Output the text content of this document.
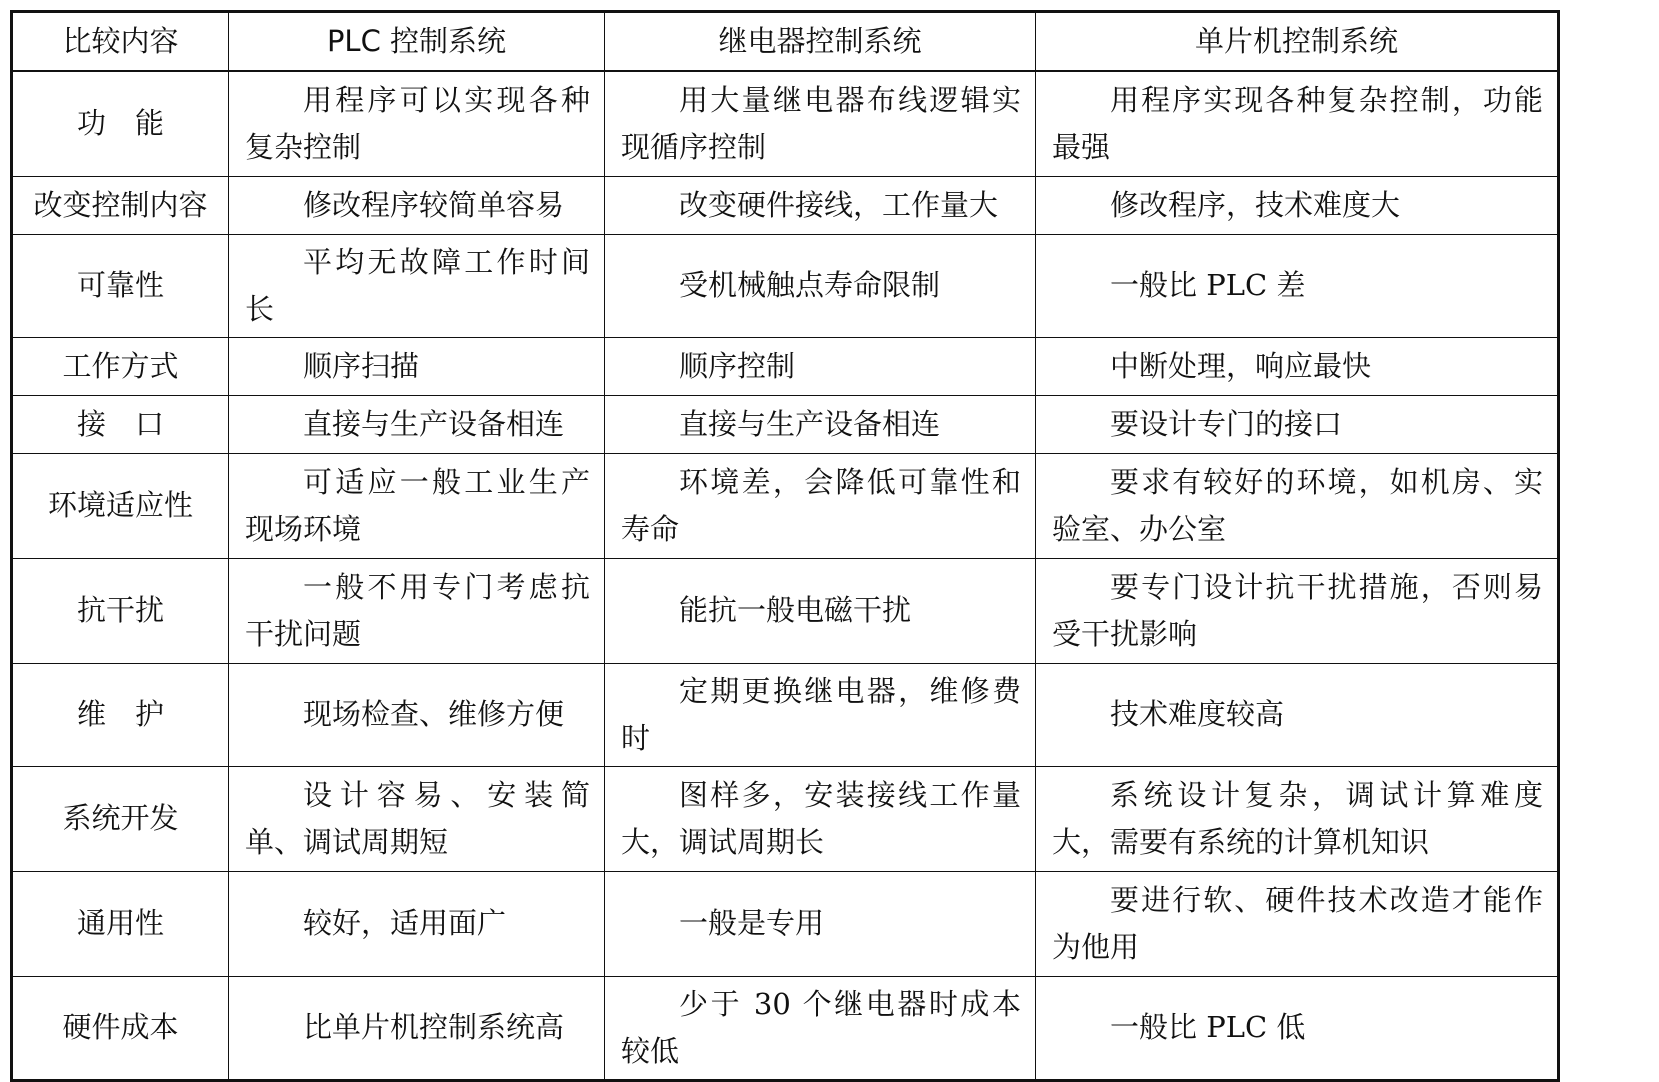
比较内容	PLC 控制系统	继电器控制系统	单片机控制系统
功　能	用程序可以实现各种复杂控制	用大量继电器布线逻辑实现循序控制	用程序实现各种复杂控制，功能最强

改变控制内容	修改程序较简单容易	改变硬件接线，工作量大	修改程序，技术难度大

可靠性	平均无故障工作时间长	受机械触点寿命限制	一般比 PLC 差

工作方式	顺序扫描	顺序控制	中断处理，响应最快

接　口	直接与生产设备相连	直接与生产设备相连	要设计专门的接口

环境适应性	可适应一般工业生产现场环境	环境差，会降低可靠性和寿命	要求有较好的环境，如机房、实验室、办公室

抗干扰	一般不用专门考虑抗干扰问题	能抗一般电磁干扰	要专门设计抗干扰措施，否则易受干扰影响

维　护	现场检查、维修方便	定期更换继电器，维修费时	技术难度较高

系统开发	设计容易、安装简单、调试周期短	图样多，安装接线工作量大，调试周期长	系统设计复杂，调试计算难度大，需要有系统的计算机知识

通用性	较好，适用面广	一般是专用	要进行软、硬件技术改造才能作为他用

硬件成本	比单片机控制系统高	少于 30 个继电器时成本较低	一般比 PLC 低
